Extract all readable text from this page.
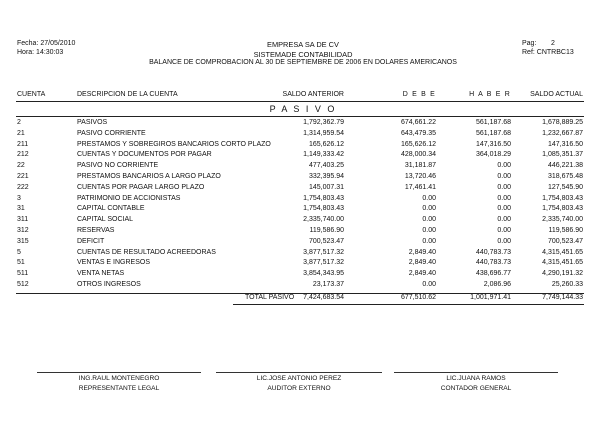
Fecha: 27/05/2010
Hora: 14:30:03
EMPRESA SA DE CV
SISTEMADE CONTABILIDAD
BALANCE DE COMPROBACION AL 30 DE SEPTIEMBRE DE 2006 EN DOLARES AMERICANOS
Pag: 2
Ref: CNTRBC13
CUENTA	DESCRIPCION DE LA CUENTA	SALDO ANTERIOR	D E B E	H A B E R	SALDO ACTUAL
P A S I V O
2	PASIVOS	1,792,362.79	674,661.22	561,187.68	1,678,889.25
21	PASIVO CORRIENTE	1,314,959.54	643,479.35	561,187.68	1,232,667.87
211	PRESTAMOS Y SOBREGIROS BANCARIOS CORTO PLAZO	165,626.12	165,626.12	147,316.50	147,316.50
212	CUENTAS Y DOCUMENTOS POR PAGAR	1,149,333.42	428,000.34	364,018.29	1,085,351.37
22	PASIVO NO CORRIENTE	477,403.25	31,181.87	0.00	446,221.38
221	PRESTAMOS BANCARIOS A LARGO PLAZO	332,395.94	13,720.46	0.00	318,675.48
222	CUENTAS POR PAGAR LARGO PLAZO	145,007.31	17,461.41	0.00	127,545.90
3	PATRIMONIO DE ACCIONISTAS	1,754,803.43	0.00	0.00	1,754,803.43
31	CAPITAL CONTABLE	1,754,803.43	0.00	0.00	1,754,803.43
311	CAPITAL SOCIAL	2,335,740.00	0.00	0.00	2,335,740.00
312	RESERVAS	119,586.90	0.00	0.00	119,586.90
315	DEFICIT	700,523.47	0.00	0.00	700,523.47
5	CUENTAS DE RESULTADO ACREEDORAS	3,877,517.32	2,849.40	440,783.73	4,315,451.65
51	VENTAS E INGRESOS	3,877,517.32	2,849.40	440,783.73	4,315,451.65
511	VENTA NETAS	3,854,343.95	2,849.40	438,696.77	4,290,191.32
512	OTROS INGRESOS	23,173.37	0.00	2,086.96	25,260.33
TOTAL PASIVO	7,424,683.54	677,510.62	1,001,971.41	7,749,144.33
ING.RAUL MONTENEGRO
REPRESENTANTE LEGAL
LIC.JOSE ANTONIO PEREZ
AUDITOR EXTERNO
LIC.JUANA RAMOS
CONTADOR GENERAL
